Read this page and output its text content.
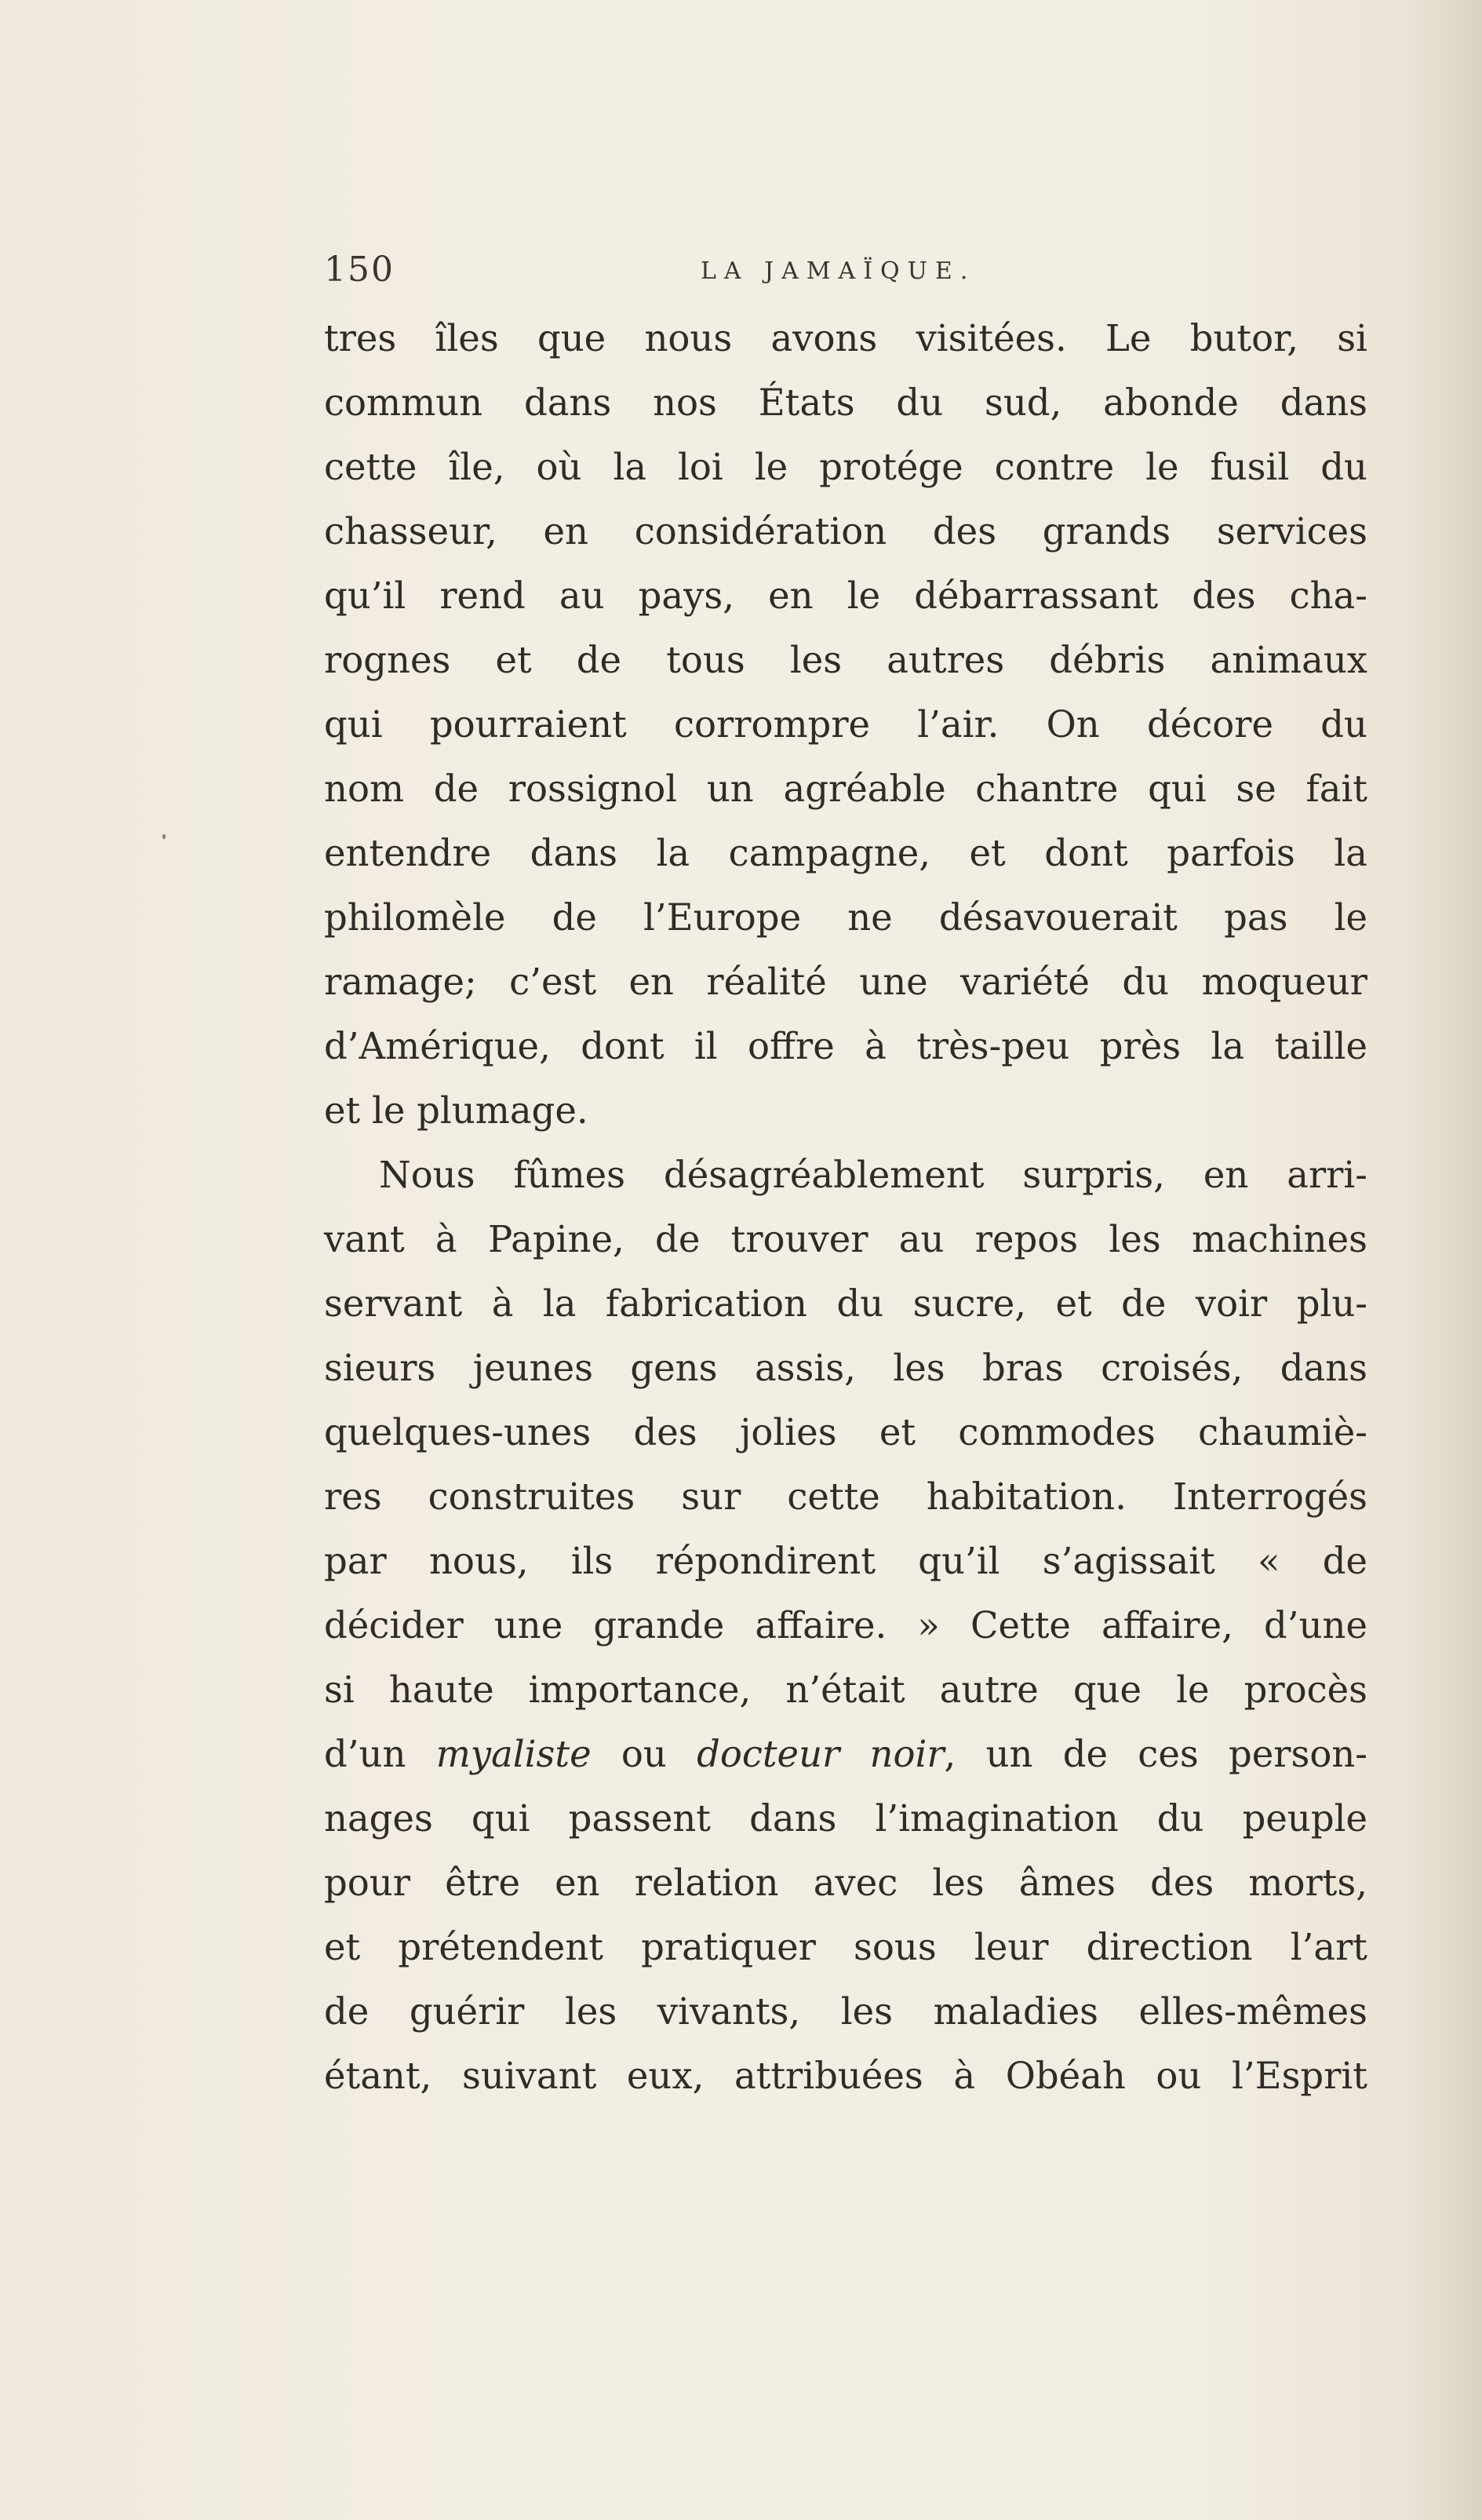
150	LA JAMAÏQUE.
tres îles que nous avons visitées. Le butor, si
commun dans nos États du sud, abonde dans
cette île, où la loi le protége contre le fusil du
chasseur, en considération des grands services
qu’il rend au pays, en le débarrassant des cha-
rognes et de tous les autres débris animaux
qui pourraient corrompre l’air. On décore du
nom de rossignol un agréable chantre qui se fait
entendre dans la campagne, et dont parfois la
philomèle de l’Europe ne désavouerait pas le
ramage; c’est en réalité une variété du moqueur
d’Amérique, dont il offre à très-peu près la taille
et le plumage.
Nous fûmes désagréablement surpris, en arri-
vant à Papine, de trouver au repos les machines
servant à la fabrication du sucre, et de voir plu-
sieurs jeunes gens assis, les bras croisés, dans
quelques-unes des jolies et commodes chaumiè-
res construites sur cette habitation. Interrogés
par nous, ils répondirent qu’il s’agissait « de
décider une grande affaire. » Cette affaire, d’une
si haute importance, n’était autre que le procès
d’un myaliste ou docteur noir, un de ces person-
nages qui passent dans l’imagination du peuple
pour être en relation avec les âmes des morts,
et prétendent pratiquer sous leur direction l’art
de guérir les vivants, les maladies elles-mêmes
étant, suivant eux, attribuées à Obéah ou l’Esprit
